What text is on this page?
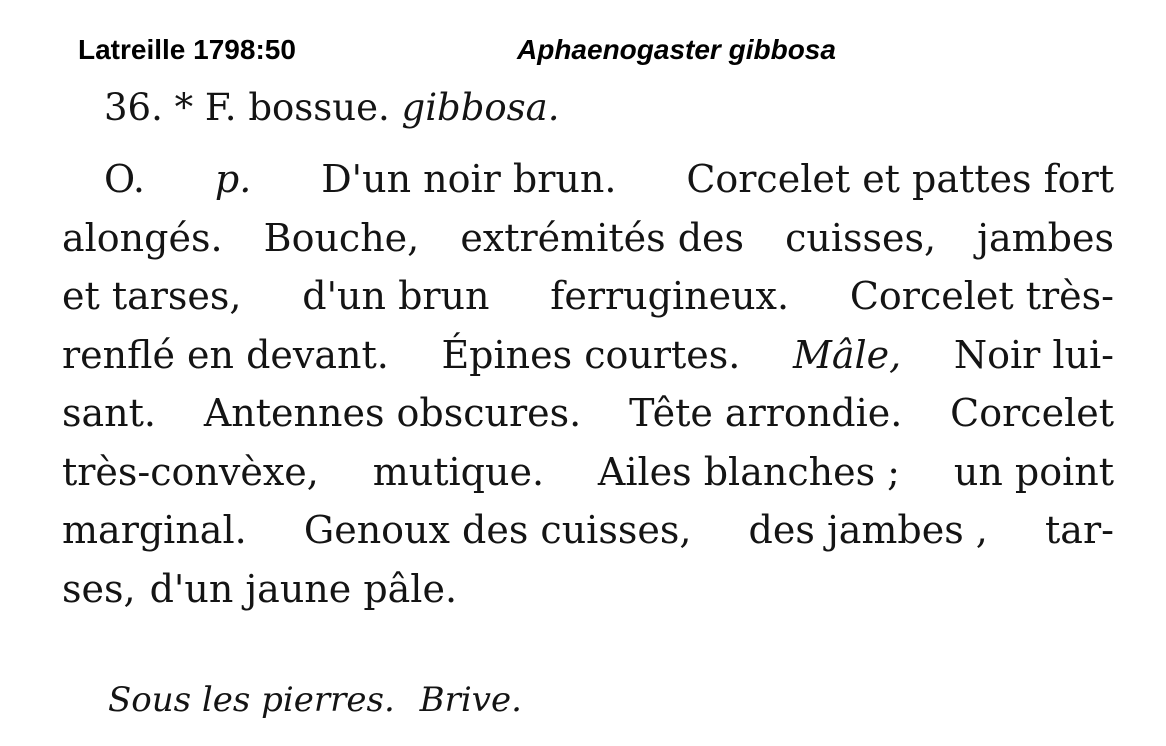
Latreille 1798:50	Aphaenogaster gibbosa
36. * F. bossue. gibbosa.
O. p. D'un noir brun. Corcelet et pattes fort
alongés. Bouche, extrémités des cuisses, jambes
et tarses, d'un brun ferrugineux. Corcelet très-
renflé en devant. Épines courtes. Mâle, Noir lui-
sant. Antennes obscures. Tête arrondie. Corcelet
très-convèxe, mutique. Ailes blanches ; un point
marginal. Genoux des cuisses, des jambes , tar-
ses, d'un jaune pâle.
Sous les pierres. Brive.
